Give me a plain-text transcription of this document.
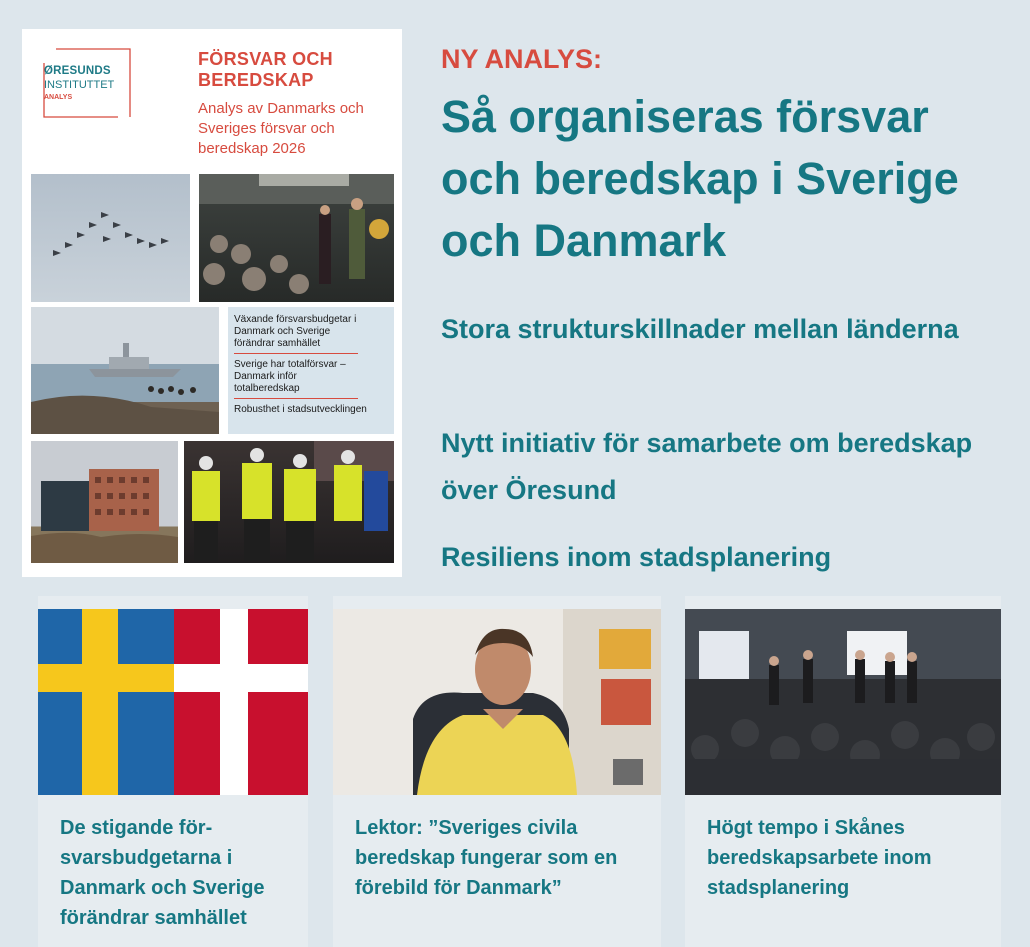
ØRESUNDS
INSTITUTTET
ANALYS
FÖRSVAR OCH BEREDSKAP
Analys av Danmarks och Sveriges försvar och beredskap 2026
Växande försvarsbudgetar i Danmark och Sverige förändrar samhället
Sverige har totalförsvar – Danmark inför totalberedskap
Robusthet i stadsutvecklingen
NY ANALYS:
Så organiseras försvar och beredskap i Sverige och Danmark
Stora strukturskillnader mellan länderna
Nytt initiativ för samarbete om beredskap över Öresund
Resiliens inom stadsplanering
De stigande för-svarsbudgetarna i Danmark och Sverige förändrar samhället
Lektor: ”Sveriges civila beredskap fungerar som en förebild för Danmark”
Högt tempo i Skånes beredskapsarbete inom stadsplanering
